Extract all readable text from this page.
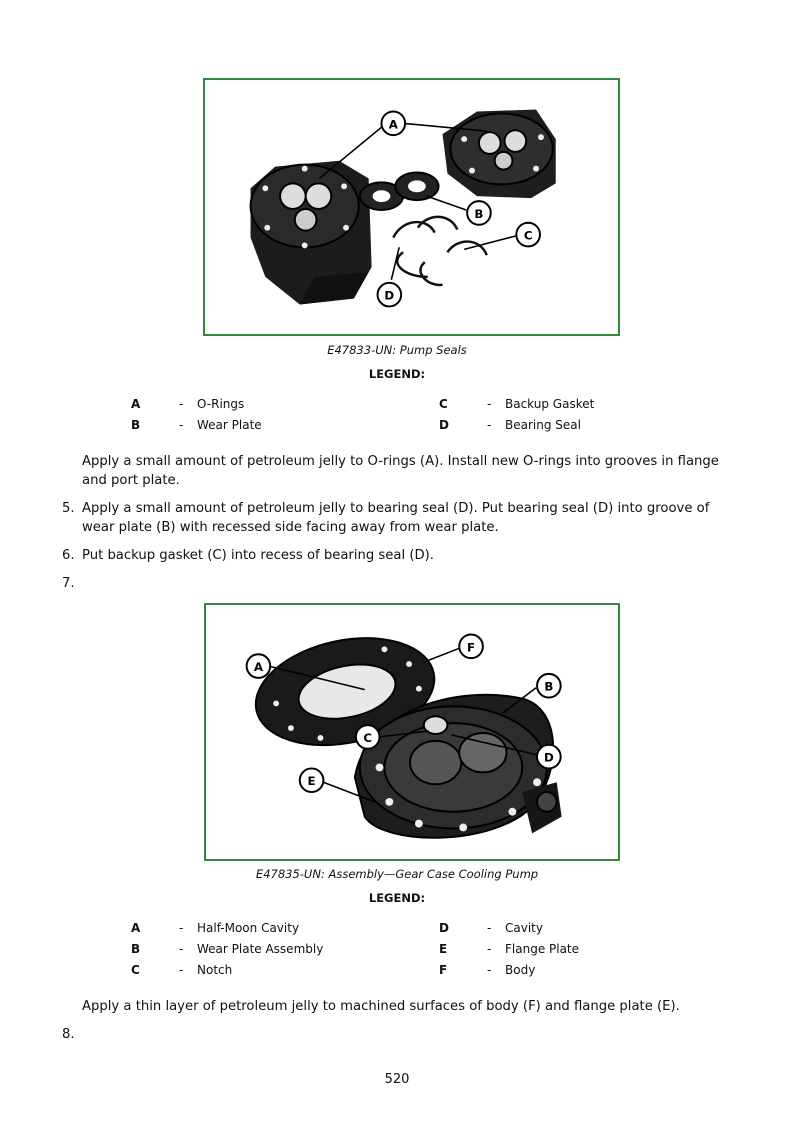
A
B
C
D
E47833-UN: Pump Seals
LEGEND:
A	- O-Rings
B	- Wear Plate
C	- Backup Gasket
D	- Bearing Seal
Apply a small amount of petroleum jelly to O-rings (A). Install new O-rings into grooves in flange and port plate.
5. Apply a small amount of petroleum jelly to bearing seal (D). Put bearing seal (D) into groove of wear plate (B) with recessed side facing away from wear plate.
6. Put backup gasket (C) into recess of bearing seal (D).
7.
A
F
B
C
D
E
E47835-UN: Assembly—Gear Case Cooling Pump
LEGEND:
A	- Half-Moon Cavity
B	- Wear Plate Assembly
C	- Notch
D	- Cavity
E	- Flange Plate
F	- Body
Apply a thin layer of petroleum jelly to machined surfaces of body (F) and flange plate (E).
8.
520
